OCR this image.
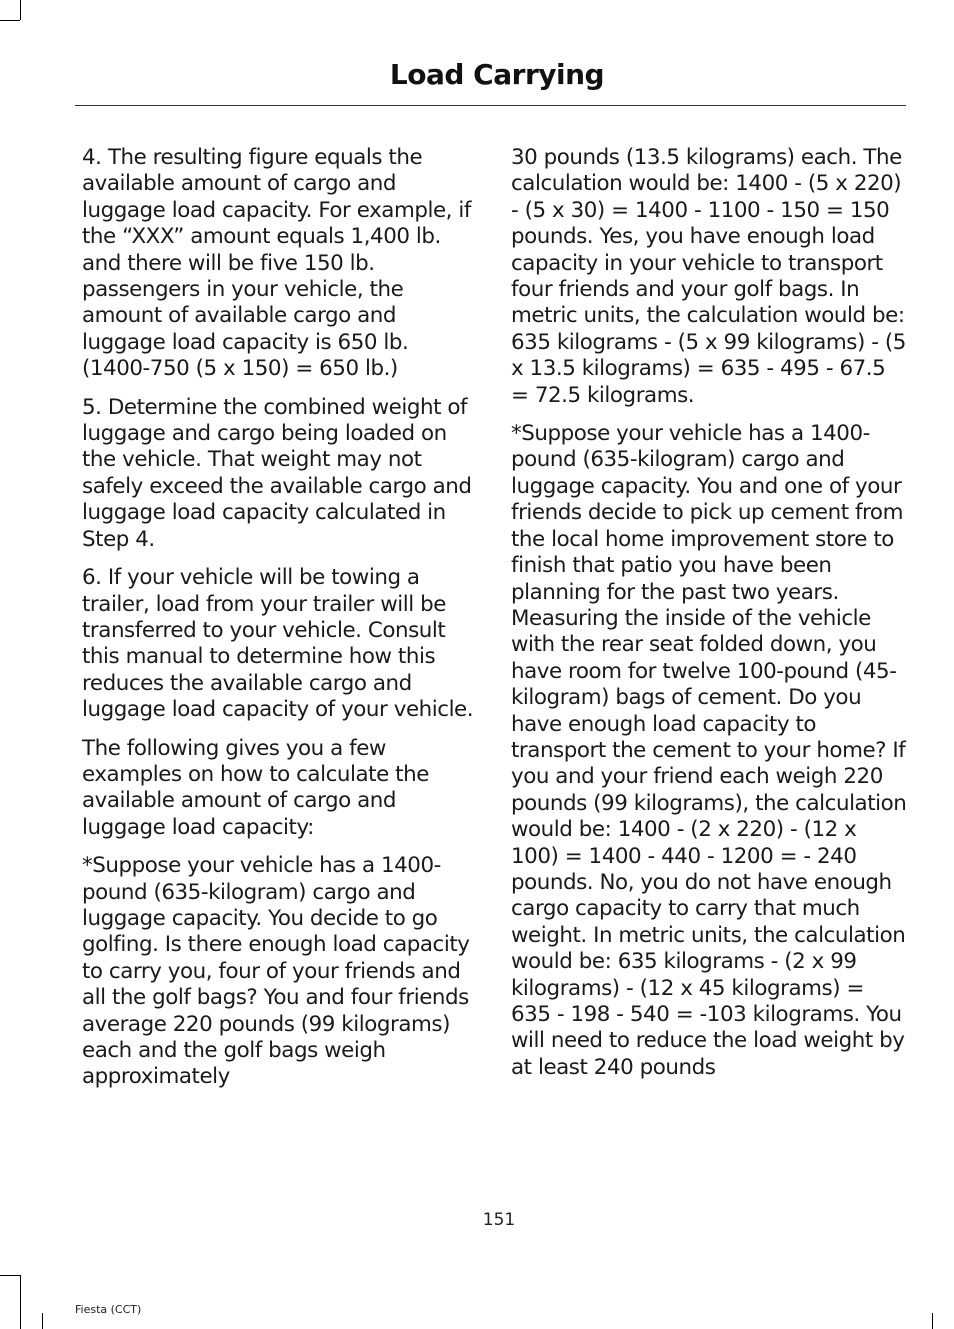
Load Carrying

4. The resulting figure equals the available amount of cargo and luggage load capacity. For example, if the “XXX” amount equals 1,400 lb. and there will be five 150 lb. passengers in your vehicle, the amount of available cargo and luggage load capacity is 650 lb. (1400-750 (5 x 150) = 650 lb.)

5. Determine the combined weight of luggage and cargo being loaded on the vehicle. That weight may not safely exceed the available cargo and luggage load capacity calculated in Step 4.

6. If your vehicle will be towing a trailer, load from your trailer will be transferred to your vehicle. Consult this manual to determine how this reduces the available cargo and luggage load capacity of your vehicle.

The following gives you a few examples on how to calculate the available amount of cargo and luggage load capacity:

*Suppose your vehicle has a 1400-pound (635-kilogram) cargo and luggage capacity. You decide to go golfing. Is there enough load capacity to carry you, four of your friends and all the golf bags? You and four friends average 220 pounds (99 kilograms) each and the golf bags weigh approximately

30 pounds (13.5 kilograms) each. The calculation would be: 1400 - (5 x 220) - (5 x 30) = 1400 - 1100 - 150 = 150 pounds. Yes, you have enough load capacity in your vehicle to transport four friends and your golf bags. In metric units, the calculation would be: 635 kilograms - (5 x 99 kilograms) - (5 x 13.5 kilograms) = 635 - 495 - 67.5 = 72.5 kilograms.

*Suppose your vehicle has a 1400-pound (635-kilogram) cargo and luggage capacity. You and one of your friends decide to pick up cement from the local home improvement store to finish that patio you have been planning for the past two years. Measuring the inside of the vehicle with the rear seat folded down, you have room for twelve 100-pound (45-kilogram) bags of cement. Do you have enough load capacity to transport the cement to your home? If you and your friend each weigh 220 pounds (99 kilograms), the calculation would be: 1400 - (2 x 220) - (12 x 100) = 1400 - 440 - 1200 = - 240 pounds. No, you do not have enough cargo capacity to carry that much weight. In metric units, the calculation would be: 635 kilograms - (2 x 99 kilograms) - (12 x 45 kilograms) = 635 - 198 - 540 = -103 kilograms. You will need to reduce the load weight by at least 240 pounds

151
Fiesta (CCT)
